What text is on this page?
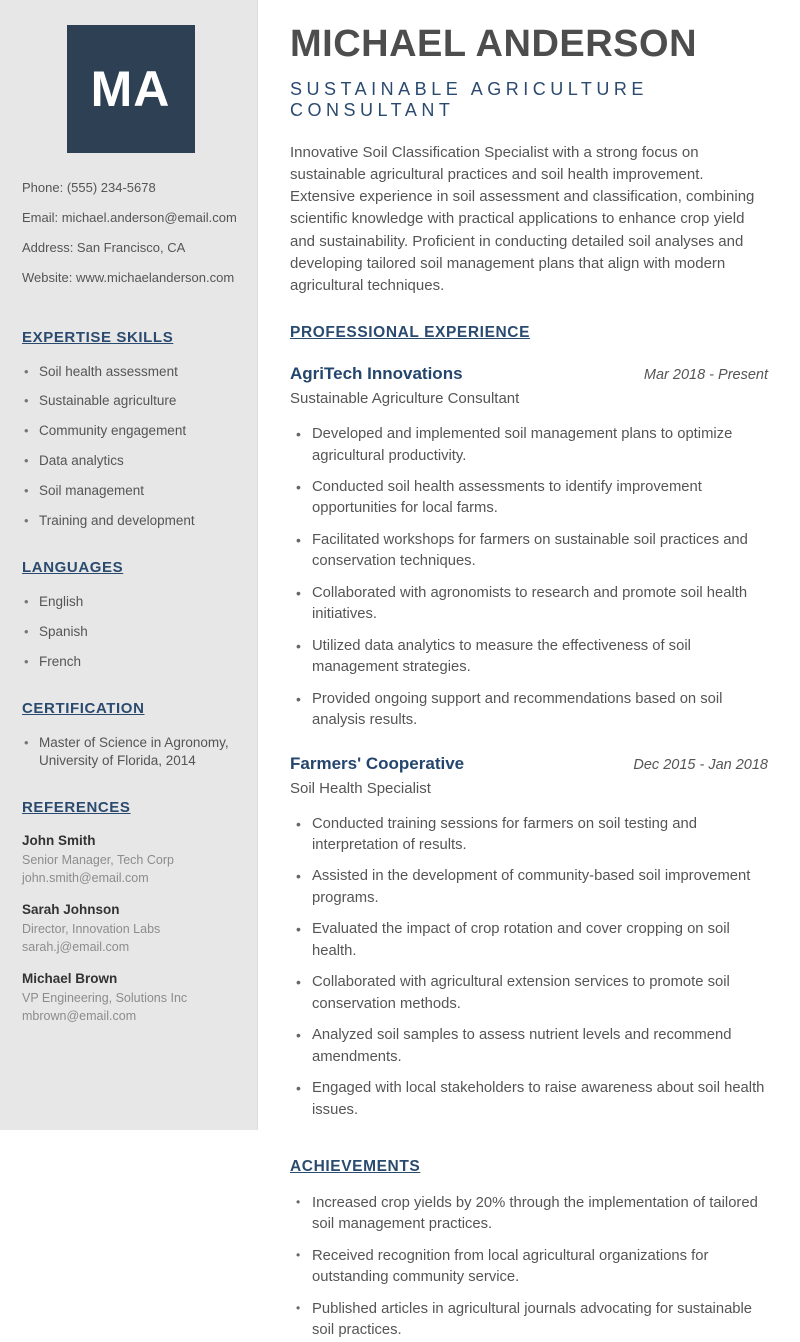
MA
Phone: (555) 234-5678
Email: michael.anderson@email.com
Address: San Francisco, CA
Website: www.michaelanderson.com
EXPERTISE SKILLS
• Soil health assessment
• Sustainable agriculture
• Community engagement
• Data analytics
• Soil management
• Training and development
LANGUAGES
• English
• Spanish
• French
CERTIFICATION
• Master of Science in Agronomy, University of Florida, 2014
REFERENCES
John Smith
Senior Manager, Tech Corp
john.smith@email.com
Sarah Johnson
Director, Innovation Labs
sarah.j@email.com
Michael Brown
VP Engineering, Solutions Inc
mbrown@email.com
MICHAEL ANDERSON
SUSTAINABLE AGRICULTURE CONSULTANT

Innovative Soil Classification Specialist with a strong focus on sustainable agricultural practices and soil health improvement. Extensive experience in soil assessment and classification, combining scientific knowledge with practical applications to enhance crop yield and sustainability. Proficient in conducting detailed soil analyses and developing tailored soil management plans that align with modern agricultural techniques.

PROFESSIONAL EXPERIENCE
AgriTech Innovations	Mar 2018 - Present
Sustainable Agriculture Consultant
• Developed and implemented soil management plans to optimize agricultural productivity.
• Conducted soil health assessments to identify improvement opportunities for local farms.
• Facilitated workshops for farmers on sustainable soil practices and conservation techniques.
• Collaborated with agronomists to research and promote soil health initiatives.
• Utilized data analytics to measure the effectiveness of soil management strategies.
• Provided ongoing support and recommendations based on soil analysis results.
Farmers' Cooperative	Dec 2015 - Jan 2018
Soil Health Specialist
• Conducted training sessions for farmers on soil testing and interpretation of results.
• Assisted in the development of community-based soil improvement programs.
• Evaluated the impact of crop rotation and cover cropping on soil health.
• Collaborated with agricultural extension services to promote soil conservation methods.
• Analyzed soil samples to assess nutrient levels and recommend amendments.
• Engaged with local stakeholders to raise awareness about soil health issues.
ACHIEVEMENTS
• Increased crop yields by 20% through the implementation of tailored soil management practices.
• Received recognition from local agricultural organizations for outstanding community service.
• Published articles in agricultural journals advocating for sustainable soil practices.
